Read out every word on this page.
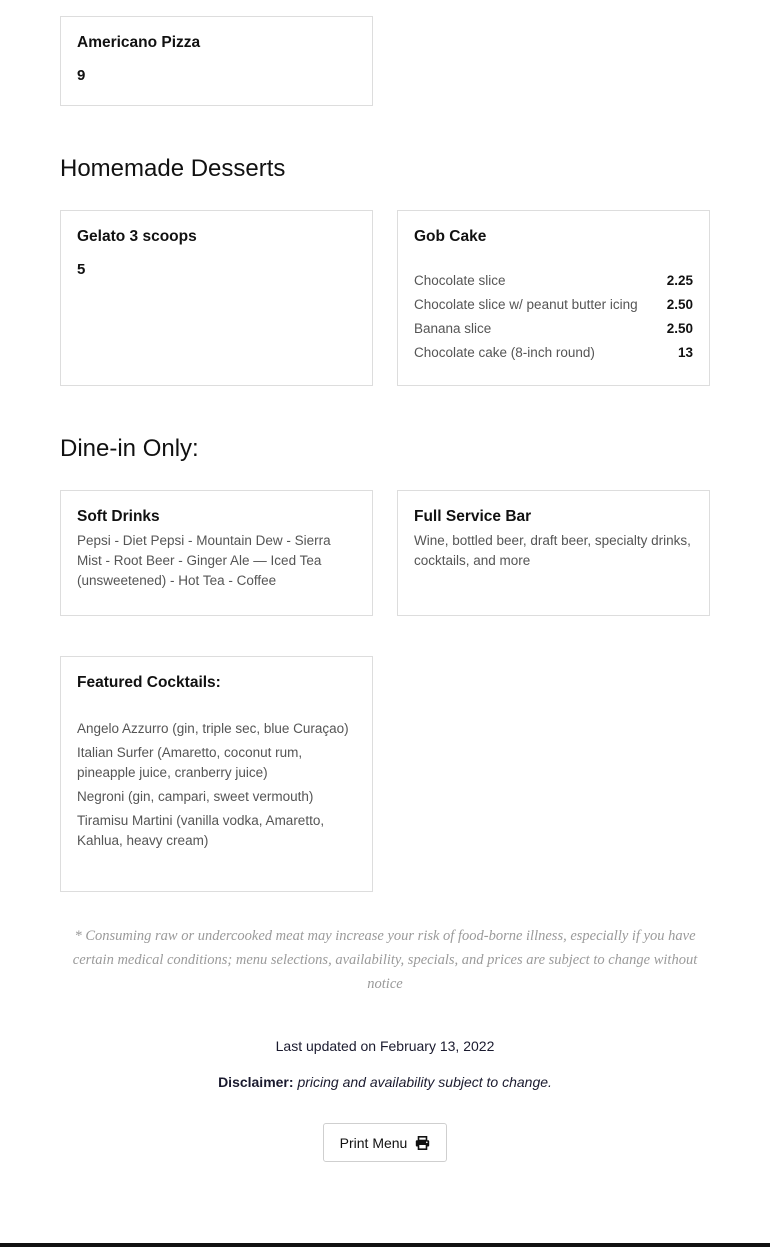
Americano Pizza
9
Homemade Desserts
Gelato 3 scoops
5
Gob Cake
Chocolate slice	2.25
Chocolate slice w/ peanut butter icing 2.50
Banana slice	2.50
Chocolate cake (8-inch round)	13
Dine-in Only:
Soft Drinks
Pepsi - Diet Pepsi - Mountain Dew - Sierra Mist - Root Beer - Ginger Ale — Iced Tea (unsweetened) - Hot Tea - Coffee
Full Service Bar
Wine, bottled beer, draft beer, specialty drinks, cocktails, and more
Featured Cocktails:
Angelo Azzurro (gin, triple sec, blue Curaçao)
Italian Surfer (Amaretto, coconut rum, pineapple juice, cranberry juice)
Negroni (gin, campari, sweet vermouth)
Tiramisu Martini (vanilla vodka, Amaretto, Kahlua, heavy cream)
* Consuming raw or undercooked meat may increase your risk of food-borne illness, especially if you have certain medical conditions; menu selections, availability, specials, and prices are subject to change without notice
Last updated on February 13, 2022
Disclaimer: pricing and availability subject to change.
Print Menu
